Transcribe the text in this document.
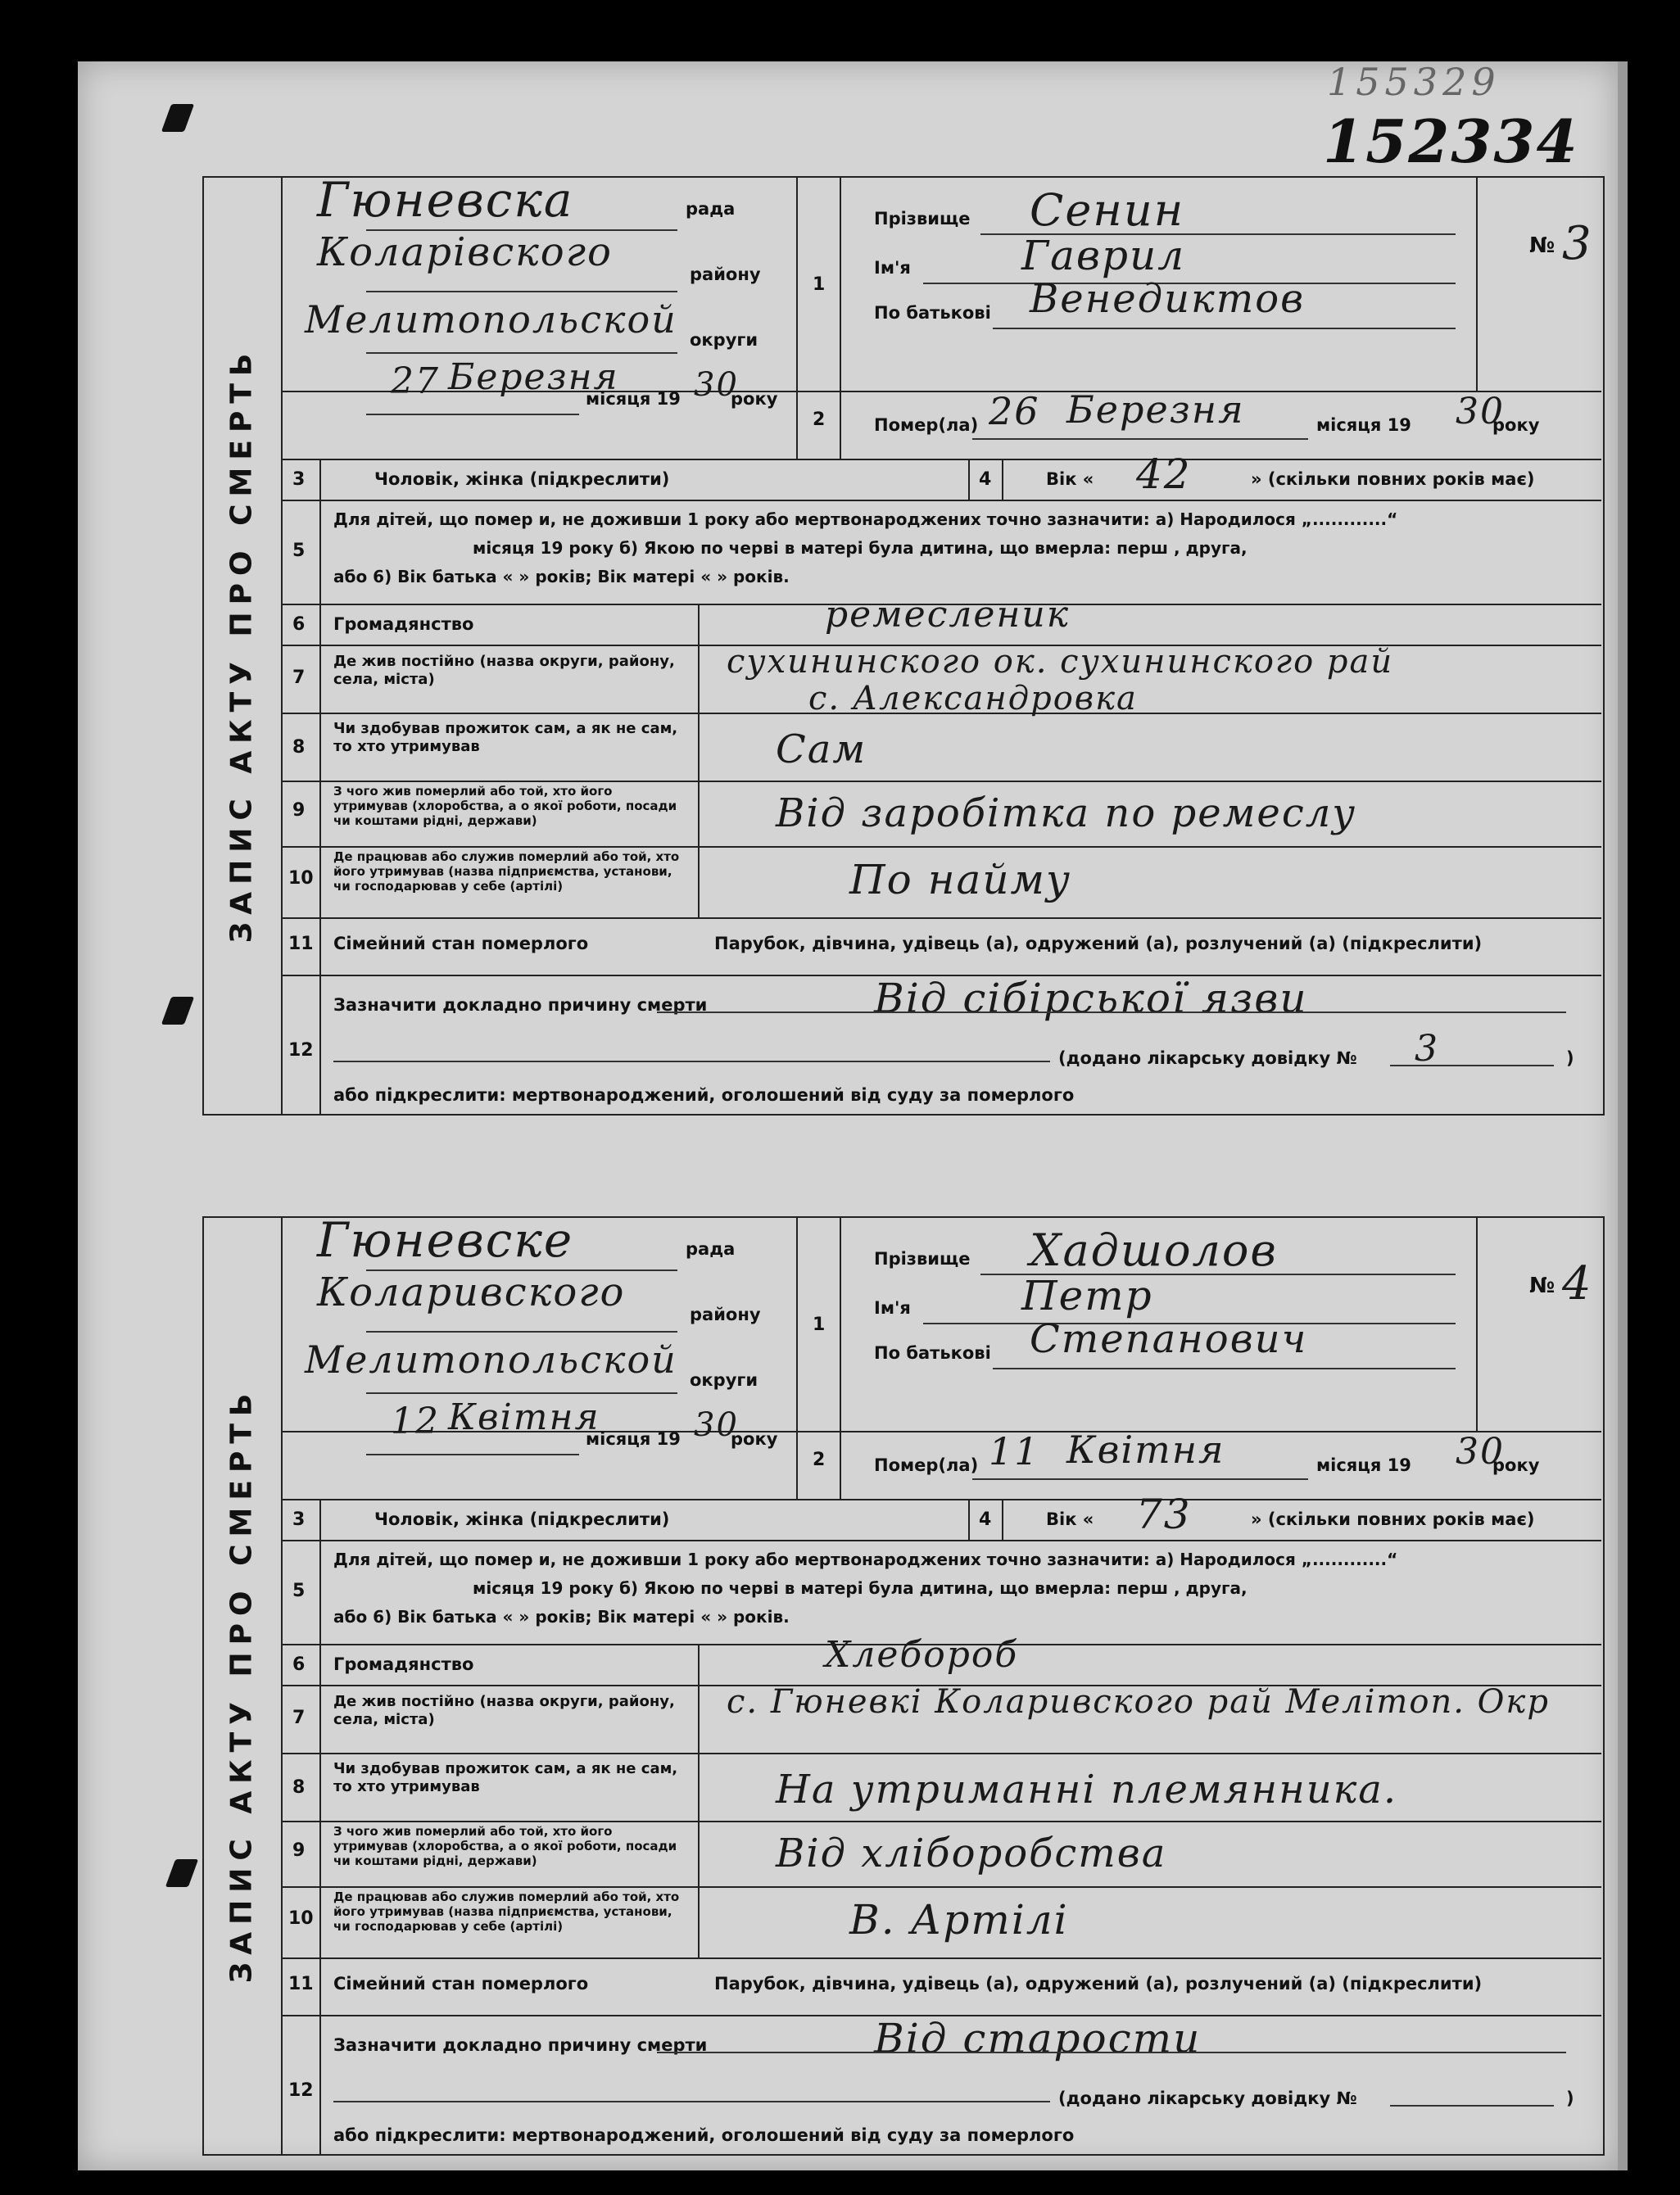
155329
152334
ЗАПИС АКТУ ПРО СМЕРТЬ
Гюневска	рада
Коларівского	району
Мелитопольской округи
27 Березня
місяця 19 30
року
1
2
Прізвище Сенин
Ім'я	Гаврил
По батькові Венедиктов
№ 3
Помер(ла) 26 Березня	місяця 19 30
року
3	Чоловік, жінка (підкреслити)	4	Вік « 42	» (скільки повних років має)
5
Для дітей, що помер и, не доживши 1 року або мертвонароджених точно зазначити: а) Народилося „............“
місяця 19 року б) Якою по черві в матері була дитина, що вмерла: перш , друга,
або 6) Вік батька « » років; Вік матері « » років.
6 Громадянство	ремесленик
7
Де жив постійно (назва округи, району, села, міста)	сухининского ок. сухининского рай
с. Александровка
8
Чи здобував прожиток сам, а як не сам, то хто утримував	Сам
9
З чого жив померлий або той, хто його утримував (хлоробства, а о якої роботи, посади чи коштами рідні, держави)	Від заробітка по ремеслу
10
Де працював або служив померлий або той, хто його утримував (назва підприємства, установи, чи господарював у себе (артілі)	По найму
11 Сімейний стан померлого	Парубок, дівчина, удівець (а), одружений (а), розлучений (а) (підкреслити)
12
Зазначити докладно причину смерти	Від сібірської язви
(додано лікарську довідку № 3	)
або підкреслити: мертвонароджений, оголошений від суду за померлого
ЗАПИС АКТУ ПРО СМЕРТЬ
Гюневске	рада
Коларивского	району
Мелитопольской округи
12 Квітня
місяця 19 30
року
1
2
Прізвище Хадшолов
Ім'я	Петр
По батькові Степанович
№ 4
Помер(ла) 11 Квітня	місяця 19 30
року
3	Чоловік, жінка (підкреслити)	4	Вік « 73	» (скільки повних років має)
5
Для дітей, що помер и, не доживши 1 року або мертвонароджених точно зазначити: а) Народилося „............“
місяця 19 року б) Якою по черві в матері була дитина, що вмерла: перш , друга,
або 6) Вік батька « » років; Вік матері « » років.
6 Громадянство	Хлебороб
7
Де жив постійно (назва округи, району, села, міста)	с. Гюневкі Коларивского рай Мелітоп. Окр
8
Чи здобував прожиток сам, а як не сам, то хто утримував	На утриманні племянника.
9
З чого жив померлий або той, хто його утримував (хлоробства, а о якої роботи, посади чи коштами рідні, держави)	Від хліборобства
10
Де працював або служив померлий або той, хто його утримував (назва підприємства, установи, чи господарював у себе (артілі)	В. Артілі
11 Сімейний стан померлого	Парубок, дівчина, удівець (а), одружений (а), розлучений (а) (підкреслити)
12
Зазначити докладно причину смерти	Від старости
(додано лікарську довідку №	)
або підкреслити: мертвонароджений, оголошений від суду за померлого
